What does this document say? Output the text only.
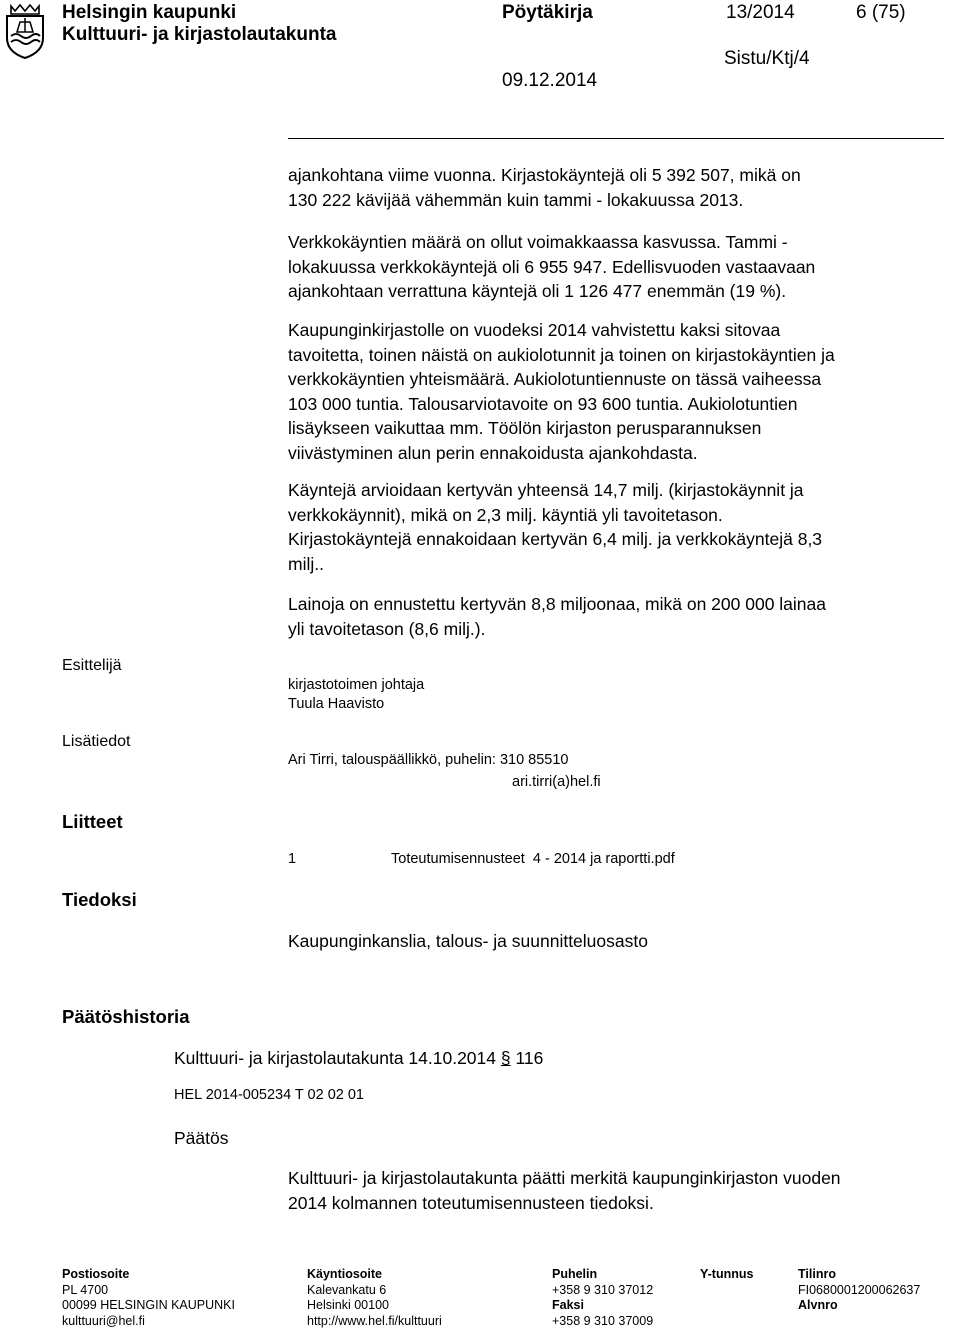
Helsingin kaupunki
Kulttuuri- ja kirjastolautakunta
Pöytäkirja	13/2014	6 (75)
Sistu/Ktj/4
09.12.2014
ajankohtana viime vuonna. Kirjastokäyntejä oli 5 392 507, mikä on
130 222 kävijää vähemmän kuin tammi - lokakuussa 2013.
Verkkokäyntien määrä on ollut voimakkaassa kasvussa. Tammi -
lokakuussa verkkokäyntejä oli 6 955 947. Edellisvuoden vastaavaan
ajankohtaan verrattuna käyntejä oli 1 126 477 enemmän (19 %).
Kaupunginkirjastolle on vuodeksi 2014 vahvistettu kaksi sitovaa
tavoitetta, toinen näistä on aukiolotunnit ja toinen on kirjastokäyntien ja
verkkokäyntien yhteismäärä. Aukiolotuntiennuste on tässä vaiheessa
103 000 tuntia. Talousarviotavoite on 93 600 tuntia. Aukiolotuntien
lisäykseen vaikuttaa mm. Töölön kirjaston perusparannuksen
viivästyminen alun perin ennakoidusta ajankohdasta.
Käyntejä arvioidaan kertyvän yhteensä 14,7 milj. (kirjastokäynnit ja
verkkokäynnit), mikä on 2,3 milj. käyntiä yli tavoitetason.
Kirjastokäyntejä ennakoidaan kertyvän 6,4 milj. ja verkkokäyntejä 8,3
milj..
Lainoja on ennustettu kertyvän 8,8 miljoonaa, mikä on 200 000 lainaa
yli tavoitetason (8,6 milj.).
Esittelijä
kirjastotoimen johtaja
Tuula Haavisto
Lisätiedot
Ari Tirri, talouspäällikkö, puhelin: 310 85510
ari.tirri(a)hel.fi
Liitteet
1	Toteutumisennusteet  4 - 2014 ja raportti.pdf
Tiedoksi
Kaupunginkanslia, talous- ja suunnitteluosasto
Päätöshistoria
Kulttuuri- ja kirjastolautakunta 14.10.2014 § 116
HEL 2014-005234 T 02 02 01
Päätös
Kulttuuri- ja kirjastolautakunta päätti merkitä kaupunginkirjaston vuoden
2014 kolmannen toteutumisennusteen tiedoksi.
Postiosoite
PL 4700
00099 HELSINGIN KAUPUNKI
kulttuuri@hel.fi
Käyntiosoite
Kalevankatu 6
Helsinki 00100
http://www.hel.fi/kulttuuri
Puhelin
+358 9 310 37012
Faksi
+358 9 310 37009
Y-tunnus	Tilinro
FI0680001200062637
Alvnro
